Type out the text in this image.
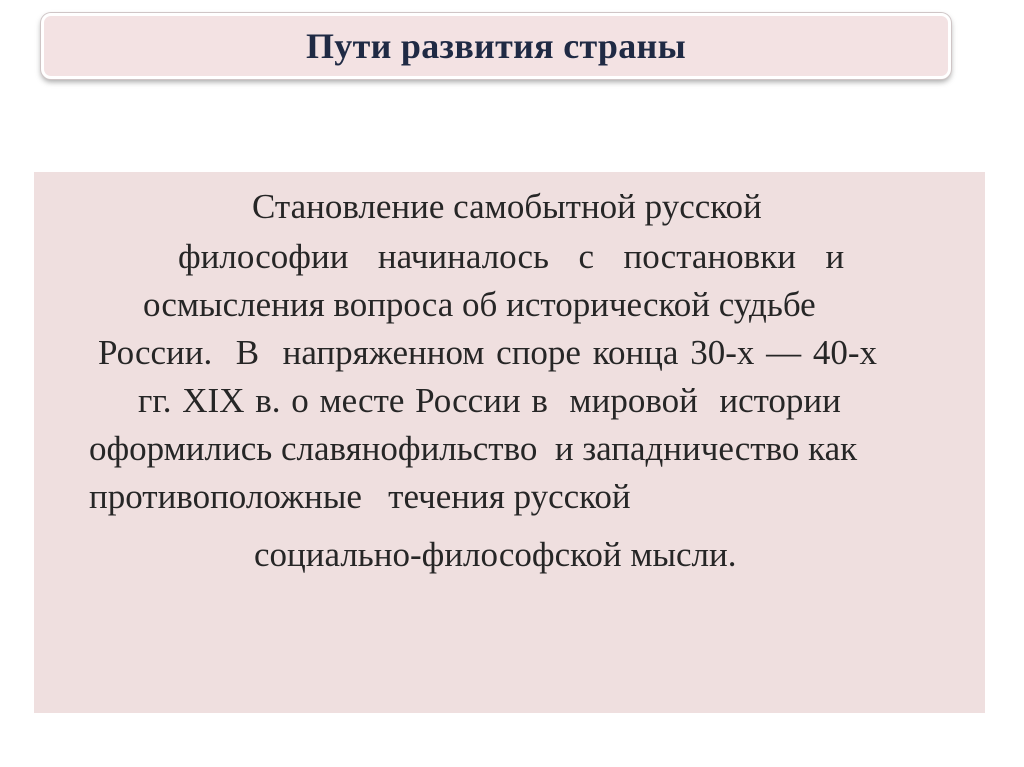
Пути развития страны
Становление самобытной русской
философии  начиналось  с  постановки  и
осмысления вопроса об исторической судьбе
России.  В  напряженном споре конца 30-х — 40-х
гг. XIX в. о месте России в  мировой  истории
оформились славянофильство  и западничество как
противоположные   течения русской
социально-философской мысли.
